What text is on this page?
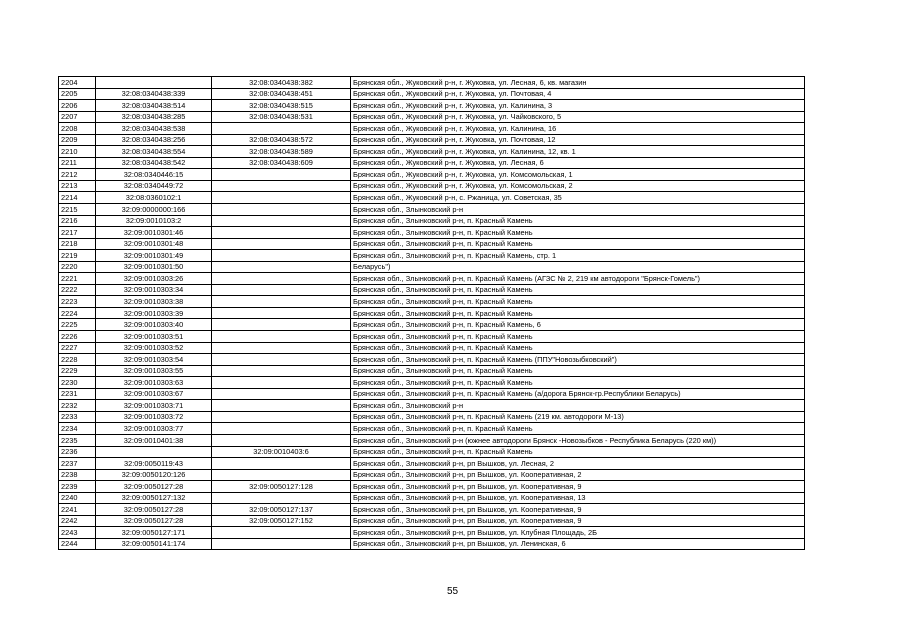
2204		32:08:0340438:382	Брянская обл., Жуковский р-н, г. Жуковка, ул. Лесная, 6, кв. магазин
2205	32:08:0340438:339	32:08:0340438:451	Брянская обл., Жуковский р-н, г. Жуковка, ул. Почтовая, 4
2206	32:08:0340438:514	32:08:0340438:515	Брянская обл., Жуковский р-н, г. Жуковка, ул. Калинина, 3
2207	32:08:0340438:285	32:08:0340438:531	Брянская обл., Жуковский р-н, г. Жуковка, ул. Чайковского, 5
2208	32:08:0340438:538		Брянская обл., Жуковский р-н, г. Жуковка, ул. Калинина, 16
2209	32:08:0340438:256	32:08:0340438:572	Брянская обл., Жуковский р-н, г. Жуковка, ул. Почтовая, 12
2210	32:08:0340438:554	32:08:0340438:589	Брянская обл., Жуковский р-н, г. Жуковка, ул. Калинина, 12, кв. 1
2211	32:08:0340438:542	32:08:0340438:609	Брянская обл., Жуковский р-н, г. Жуковка, ул. Лесная, 6
2212	32:08:0340446:15		Брянская обл., Жуковский р-н, г. Жуковка, ул. Комсомольская, 1
2213	32:08:0340449:72		Брянская обл., Жуковский р-н, г. Жуковка, ул. Комсомольская, 2
2214	32:08:0360102:1		Брянская обл., Жуковский р-н, с. Ржаница, ул. Советская, 35
2215	32:09:0000000:166		Брянская обл., Злынковский р-н
2216	32:09:0010103:2		Брянская обл., Злынковский р-н, п. Красный Камень
2217	32:09:0010301:46		Брянская обл., Злынковский р-н, п. Красный Камень
2218	32:09:0010301:48		Брянская обл., Злынковский р-н, п. Красный Камень
2219	32:09:0010301:49		Брянская обл., Злынковский р-н, п. Красный Камень, стр. 1
2220	32:09:0010301:50		Беларусь")
2221	32:09:0010303:26		Брянская обл., Злынковский р-н, п. Красный Камень (АГЗС № 2, 219 км автодороги "Брянск-Гомель")
2222	32:09:0010303:34		Брянская обл., Злынковский р-н, п. Красный Камень
2223	32:09:0010303:38		Брянская обл., Злынковский р-н, п. Красный Камень
2224	32:09:0010303:39		Брянская обл., Злынковский р-н, п. Красный Камень
2225	32:09:0010303:40		Брянская обл., Злынковский р-н, п. Красный Камень, 6
2226	32:09:0010303:51		Брянская обл., Злынковский р-н, п. Красный Камень
2227	32:09:0010303:52		Брянская обл., Злынковский р-н, п. Красный Камень
2228	32:09:0010303:54		Брянская обл., Злынковский р-н, п. Красный Камень (ППУ"Новозыбковский")
2229	32:09:0010303:55		Брянская обл., Злынковский р-н, п. Красный Камень
2230	32:09:0010303:63		Брянская обл., Злынковский р-н, п. Красный Камень
2231	32:09:0010303:67		Брянская обл., Злынковский р-н, п. Красный Камень (а/дорога Брянск-гр.Республики Беларусь)
2232	32:09:0010303:71		Брянская обл., Злынковский р-н
2233	32:09:0010303:72		Брянская обл., Злынковский р-н, п. Красный Камень (219 км. автодороги М-13)
2234	32:09:0010303:77		Брянская обл., Злынковский р-н, п. Красный Камень
2235	32:09:0010401:38		Брянская обл., Злынковский р-н (южнее автодороги Брянск -Новозыбков - Республика Беларусь (220 км))
2236		32:09:0010403:6	Брянская обл., Злынковский р-н, п. Красный Камень
2237	32:09:0050119:43		Брянская обл., Злынковский р-н, рп Вышков, ул. Лесная, 2
2238	32:09:0050120:126		Брянская обл., Злынковский р-н, рп Вышков, ул. Кооперативная, 2
2239	32:09:0050127:28	32:09:0050127:128	Брянская обл., Злынковский р-н, рп Вышков, ул. Кооперативная, 9
2240	32:09:0050127:132		Брянская обл., Злынковский р-н, рп Вышков, ул. Кооперативная, 13
2241	32:09:0050127:28	32:09:0050127:137	Брянская обл., Злынковский р-н, рп Вышков, ул. Кооперативная, 9
2242	32:09:0050127:28	32:09:0050127:152	Брянская обл., Злынковский р-н, рп Вышков, ул. Кооперативная, 9
2243	32:09:0050127:171		Брянская обл., Злынковский р-н, рп Вышков, ул. Клубная Площадь, 2Б
2244	32:09:0050141:174		Брянская обл., Злынковский р-н, рп Вышков, ул. Ленинская, 6
55
